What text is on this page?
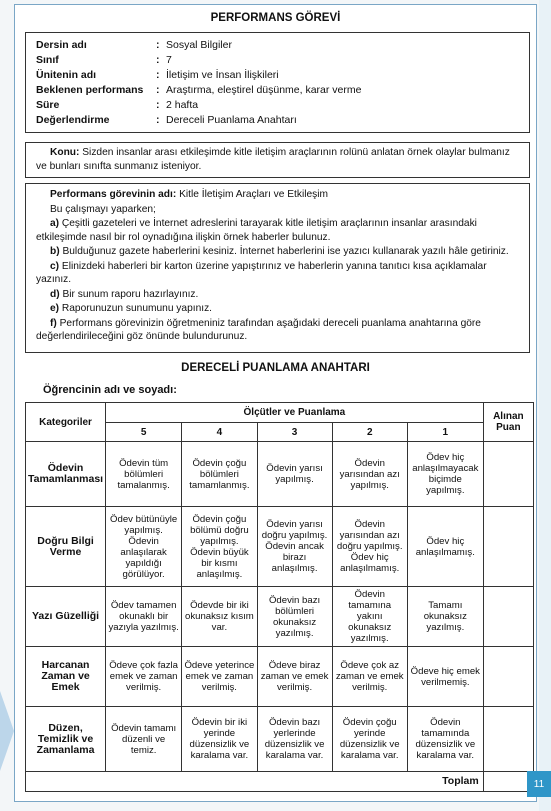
PERFORMANS GÖREVİ
Dersin adı	: Sosyal Bilgiler
Sınıf	: 7
Ünitenin adı	: İletişim ve İnsan İlişkileri
Beklenen performans	: Araştırma, eleştirel düşünme, karar verme
Süre	: 2 hafta
Değerlendirme	: Dereceli Puanlama Anahtarı

Konu: Sizden insanlar arası etkileşimde kitle iletişim araçlarının rolünü anlatan örnek olaylar bulmanız ve bunları sınıfta sunmanız isteniyor.

Performans görevinin adı: Kitle İletişim Araçları ve Etkileşim

Bu çalışmayı yaparken;

a) Çeşitli gazeteleri ve İnternet adreslerini tarayarak kitle iletişim araçlarının insanlar arasındaki etkileşimde nasıl bir rol oynadığına ilişkin örnek haberler bulunuz.

b) Bulduğunuz gazete haberlerini kesiniz. İnternet haberlerini ise yazıcı kullanarak yazılı hâle getiriniz.

c) Elinizdeki haberleri bir karton üzerine yapıştırınız ve haberlerin yanına tanıtıcı kısa açıklamalar yazınız.

d) Bir sunum raporu hazırlayınız.

e) Raporunuzun sunumunu yapınız.

f) Performans görevinizin öğretmeniniz tarafından aşağıdaki dereceli puanlama anahtarına göre değerlendirileceğini göz önünde bulundurunuz.

DERECELİ PUANLAMA ANAHTARI
Öğrencinin adı ve soyadı:
Kategoriler	Ölçütler ve Puanlama					Alınan Puan
	5	4	3	2	1	
Ödevin Tamamlanması	Ödevin tüm bölümleri tamalanmış.	Ödevin çoğu bölümleri tamamlanmış.	Ödevin yarısı yapılmış.	Ödevin yarısından azı yapılmış.	Ödev hiç anlaşılmayacak biçimde yapılmış.	
Doğru Bilgi Verme	Ödev bütünüyle yapılmış. Ödevin anlaşılarak yapıldığı görülüyor.	Ödevin çoğu bölümü doğru yapılmış. Ödevin büyük bir kısmı anlaşılmış.	Ödevin yarısı doğru yapılmış. Ödevin ancak birazı anlaşılmış.	Ödevin yarısından azı doğru yapılmış. Ödev hiç anlaşılmamış.	Ödev hiç anlaşılmamış.	
Yazı Güzelliği	Ödev tamamen okunaklı bir yazıyla yazılmış.	Ödevde bir iki okunaksız kısım var.	Ödevin bazı bölümleri okunaksız yazılmış.	Ödevin tamamına yakını okunaksız yazılmış.	Tamamı okunaksız yazılmış.	
Harcanan Zaman ve Emek	Ödeve çok fazla emek ve zaman verilmiş.	Ödeve yeterince emek ve zaman verilmiş.	Ödeve biraz zaman ve emek verilmiş.	Ödeve çok az zaman ve emek verilmiş.	Ödeve hiç emek verilmemiş.	
Düzen, Temizlik ve Zamanlama	Ödevin tamamı düzenli ve temiz.	Ödevin bir iki yerinde düzensizlik ve karalama var.	Ödevin bazı yerlerinde düzensizlik ve karalama var.	Ödevin çoğu yerinde düzensizlik ve karalama var.	Ödevin tamamında düzensizlik ve karalama var.	
Toplam							11
